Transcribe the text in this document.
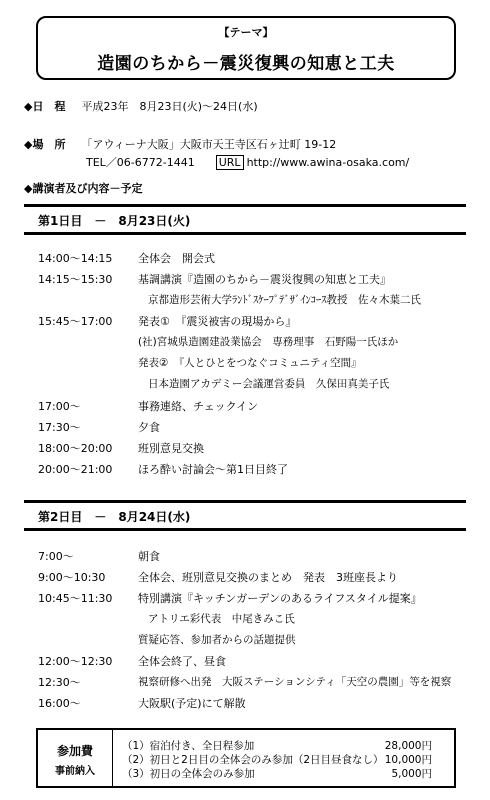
【テーマ】
造園のちから－震災復興の知恵と工夫
◆日　程 平成23年　8月23日(火)～24日(水)
◆場　所 「アウィーナ大阪」大阪市天王寺区石ヶ辻町 19-12
TEL／06-6772-1441 URL http://www.awina-osaka.com/
◆講演者及び内容－予定
第1日目　－　8月23日(火)
14:00～14:15 全体会　開会式
14:15～15:30 基調講演『造園のちから－震災復興の知恵と工夫』
京都造形芸術大学ﾗﾝﾄﾞｽｹｰﾌﾟﾃﾞｻﾞｲﾝｺｰｽ教授　佐々木葉二氏
15:45～17:00 発表①　『震災被害の現場から』
(社)宮城県造園建設業協会　専務理事　石野陽一氏ほか
発表②　『人とひとをつなぐコミュニティ空間』
日本造園アカデミー会議運営委員　久保田真美子氏
17:00～	事務連絡、チェックイン
17:30～	夕食
18:00～20:00 班別意見交換
20:00～21:00 ほろ酔い討論会～第1日目終了
第2日目　－　8月24日(水)
7:00～	朝食
9:00～10:30	全体会、班別意見交換のまとめ　発表　3班座長より
10:45～11:30 特別講演『キッチンガーデンのあるライフスタイル提案』
アトリエ彩代表　中尾きみこ氏
質疑応答、参加者からの話題提供
12:00～12:30 全体会終了、昼食
12:30～	視察研修へ出発　大阪ステーションシティ「天空の農園」等を視察
16:00～	大阪駅(予定)にて解散
参加費
事前納入
（1）宿泊付き、全日程参加	28,000円
（2）初日と2日目の全体会のみ参加（2日目昼食なし） 10,000円
（3）初日の全体会のみ参加	5,000円
